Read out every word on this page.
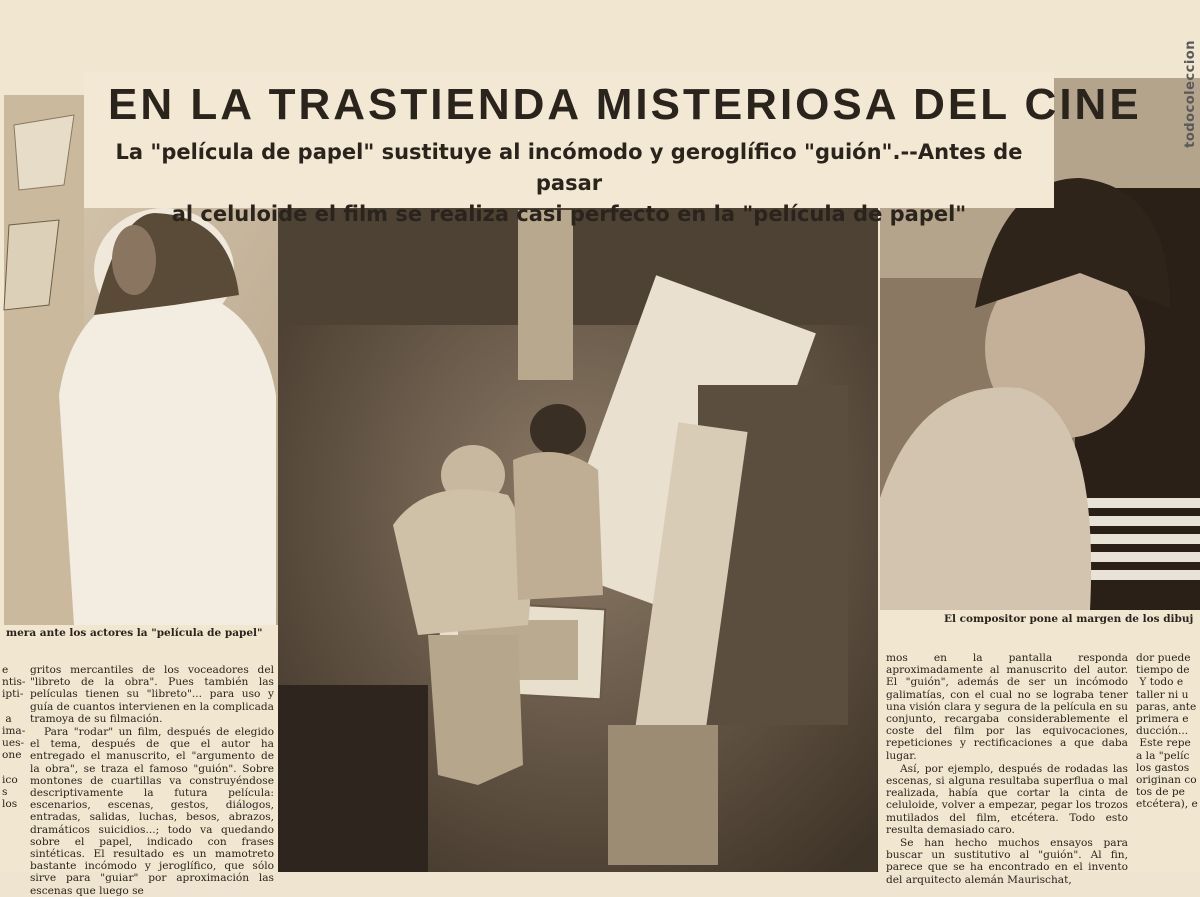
EN LA TRASTIENDA MISTERIOSA DEL CINE
La "película de papel" sustituye al incómodo y geroglífico "guión".--Antes de pasar
al celuloide el film se realiza casi perfecto en la "película de papel"
mera ante los actores la "película de papel"
El compositor pone al margen de los dibuj
e
ntis-
ipti-

a
ima-
ues-
one

ico
s
los

gritos mercantiles de los voceadores del "libreto de la obra". Pues también las películas tienen su "libreto"... para uso y guía de cuantos intervienen en la complicada tramoya de su filmación.

Para "rodar" un film, después de elegido el tema, después de que el autor ha entregado el manuscrito, el "argumento de la obra", se traza el famoso "guión". Sobre montones de cuartillas va construyéndose descriptivamente la futura película: escenarios, escenas, gestos, diálogos, entradas, salidas, luchas, besos, abrazos, dramáticos suicidios...; todo va quedando sobre el papel, indicado con frases sintéticas. El resultado es un mamotreto bastante incómodo y jeroglífico, que sólo sirve para "guiar" por aproximación las escenas que luego se

mos en la pantalla responda aproximadamente al manuscrito del autor. El "guión", además de ser un incómodo galimatías, con el cual no se lograba tener una visión clara y segura de la película en su conjunto, recargaba considerablemente el coste del film por las equivocaciones, repeticiones y rectificaciones a que daba lugar.

Así, por ejemplo, después de rodadas las escenas, si alguna resultaba superflua o mal realizada, había que cortar la cinta de celuloide, volver a empezar, pegar los trozos mutilados del film, etcétera. Todo esto resulta demasiado caro.

Se han hecho muchos ensayos para buscar un sustitutivo al "guión". Al fin, parece que se ha encontrado en el invento del arquitecto alemán Maurischat,

dor puede
tiempo de
Y todo e
taller ni u
paras, ante
primera e
ducción...
Este repe
a la "pelíc
los gastos
originan co
tos de pe
etcétera), e
todocoleccion
